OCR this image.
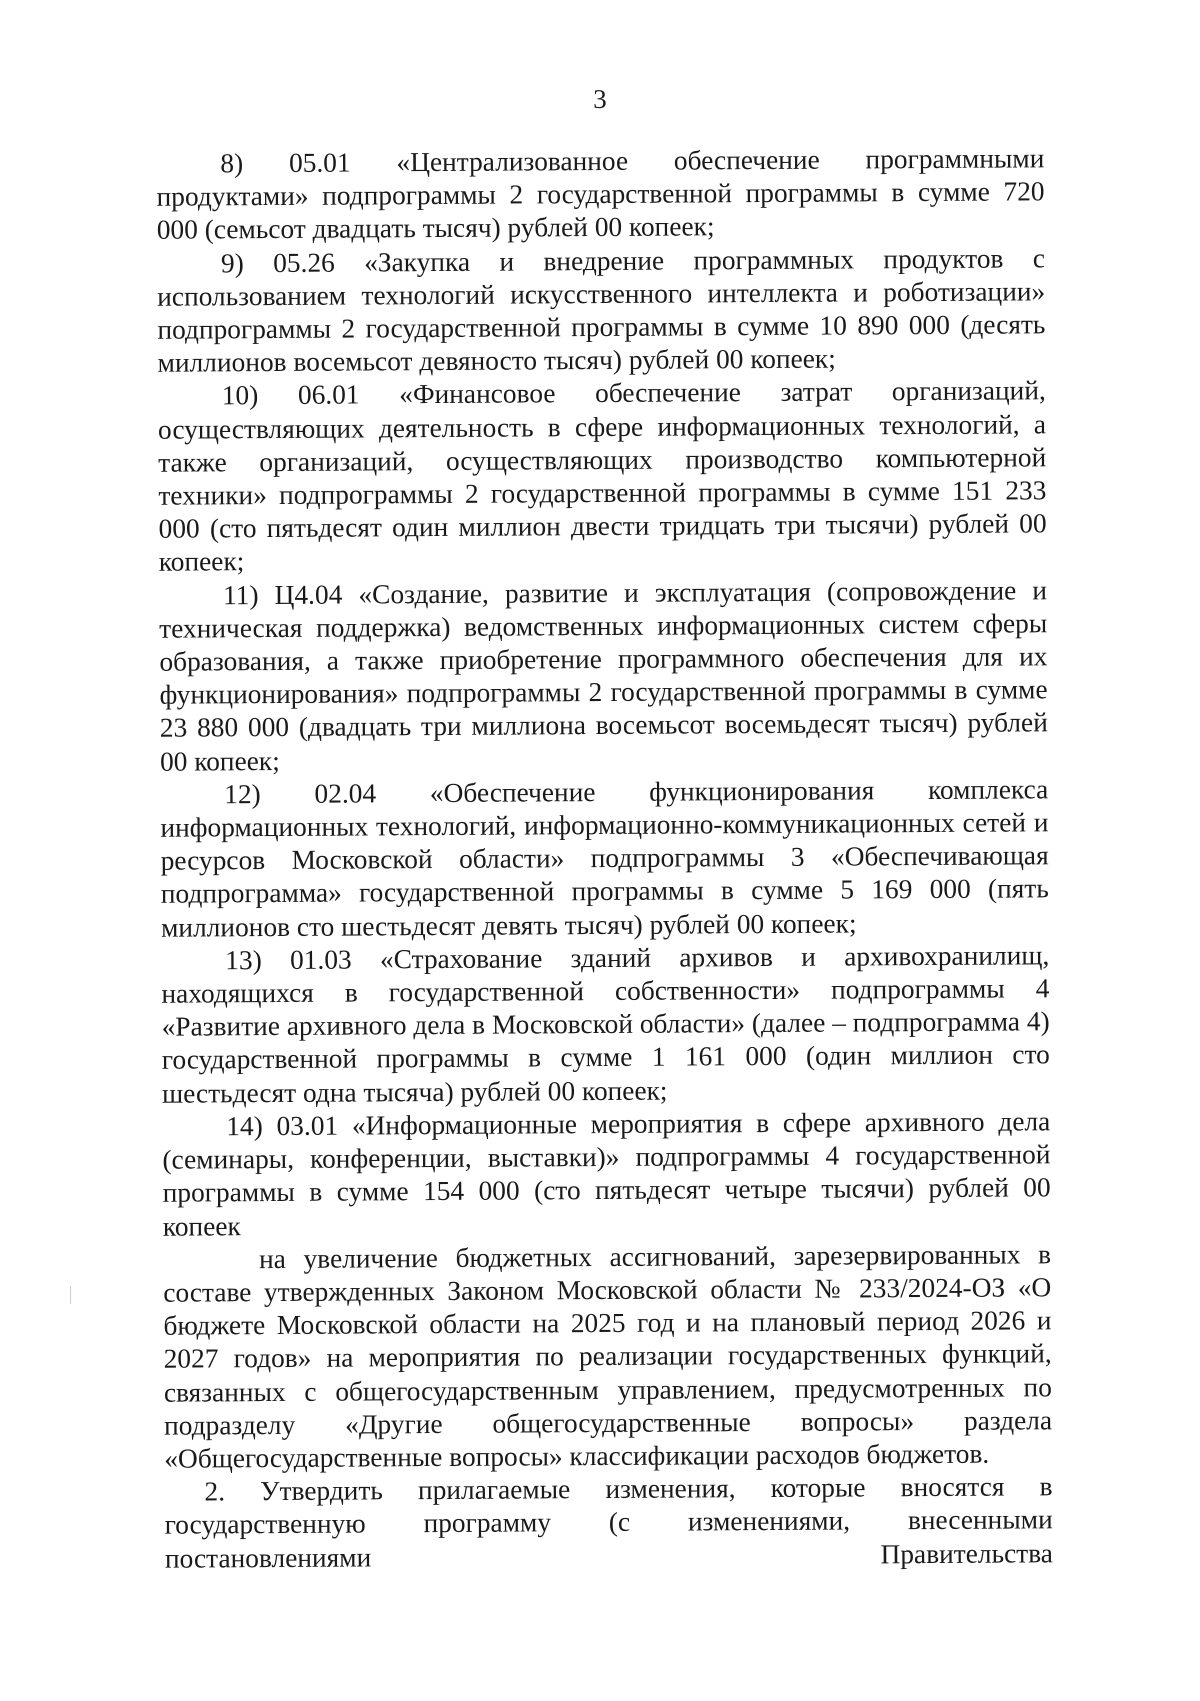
3

8) 05.01 «Централизованное обеспечение программными продуктами» подпрограммы 2 государственной программы в сумме 720 000 (семьсот двадцать тысяч) рублей 00 копеек;

9) 05.26 «Закупка и внедрение программных продуктов с использованием технологий искусственного интеллекта и роботизации» подпрограммы 2 государственной программы в сумме 10 890 000 (десять миллионов восемьсот девяносто тысяч) рублей 00 копеек;

10) 06.01 «Финансовое обеспечение затрат организаций, осуществляющих деятельность в сфере информационных технологий, а также организаций, осуществляющих производство компьютерной техники» подпрограммы 2 государственной программы в сумме 151 233 000 (сто пятьдесят один миллион двести тридцать три тысячи) рублей 00 копеек;

11) Ц4.04 «Создание, развитие и эксплуатация (сопровождение и техническая поддержка) ведомственных информационных систем сферы образования, а также приобретение программного обеспечения для их функционирования» подпрограммы 2 государственной программы в сумме 23 880 000 (двадцать три миллиона восемьсот восемьдесят тысяч) рублей 00 копеек;

12) 02.04 «Обеспечение функционирования комплекса информационных технологий, информационно-коммуникационных сетей и ресурсов Московской области» подпрограммы 3 «Обеспечивающая подпрограмма» государственной программы в сумме 5 169 000 (пять миллионов сто шестьдесят девять тысяч) рублей 00 копеек;

13) 01.03 «Страхование зданий архивов и архивохранилищ, находящихся в государственной собственности» подпрограммы 4 «Развитие архивного дела в Московской области» (далее – подпрограмма 4) государственной программы в сумме 1 161 000 (один миллион сто шестьдесят одна тысяча) рублей 00 копеек;

14) 03.01 «Информационные мероприятия в сфере архивного дела (семинары, конференции, выставки)» подпрограммы 4 государственной программы в сумме 154 000 (сто пятьдесят четыре тысячи) рублей 00 копеек

на увеличение бюджетных ассигнований, зарезервированных в составе утвержденных Законом Московской области № 233/2024-ОЗ «О бюджете Московской области на 2025 год и на плановый период 2026 и 2027 годов» на мероприятия по реализации государственных функций, связанных с общегосударственным управлением, предусмотренных по подразделу «Другие общегосударственные вопросы» раздела «Общегосударственные вопросы» классификации расходов бюджетов.

2. Утвердить прилагаемые изменения, которые вносятся в государственную программу (с изменениями, внесенными постановлениями Правительства
